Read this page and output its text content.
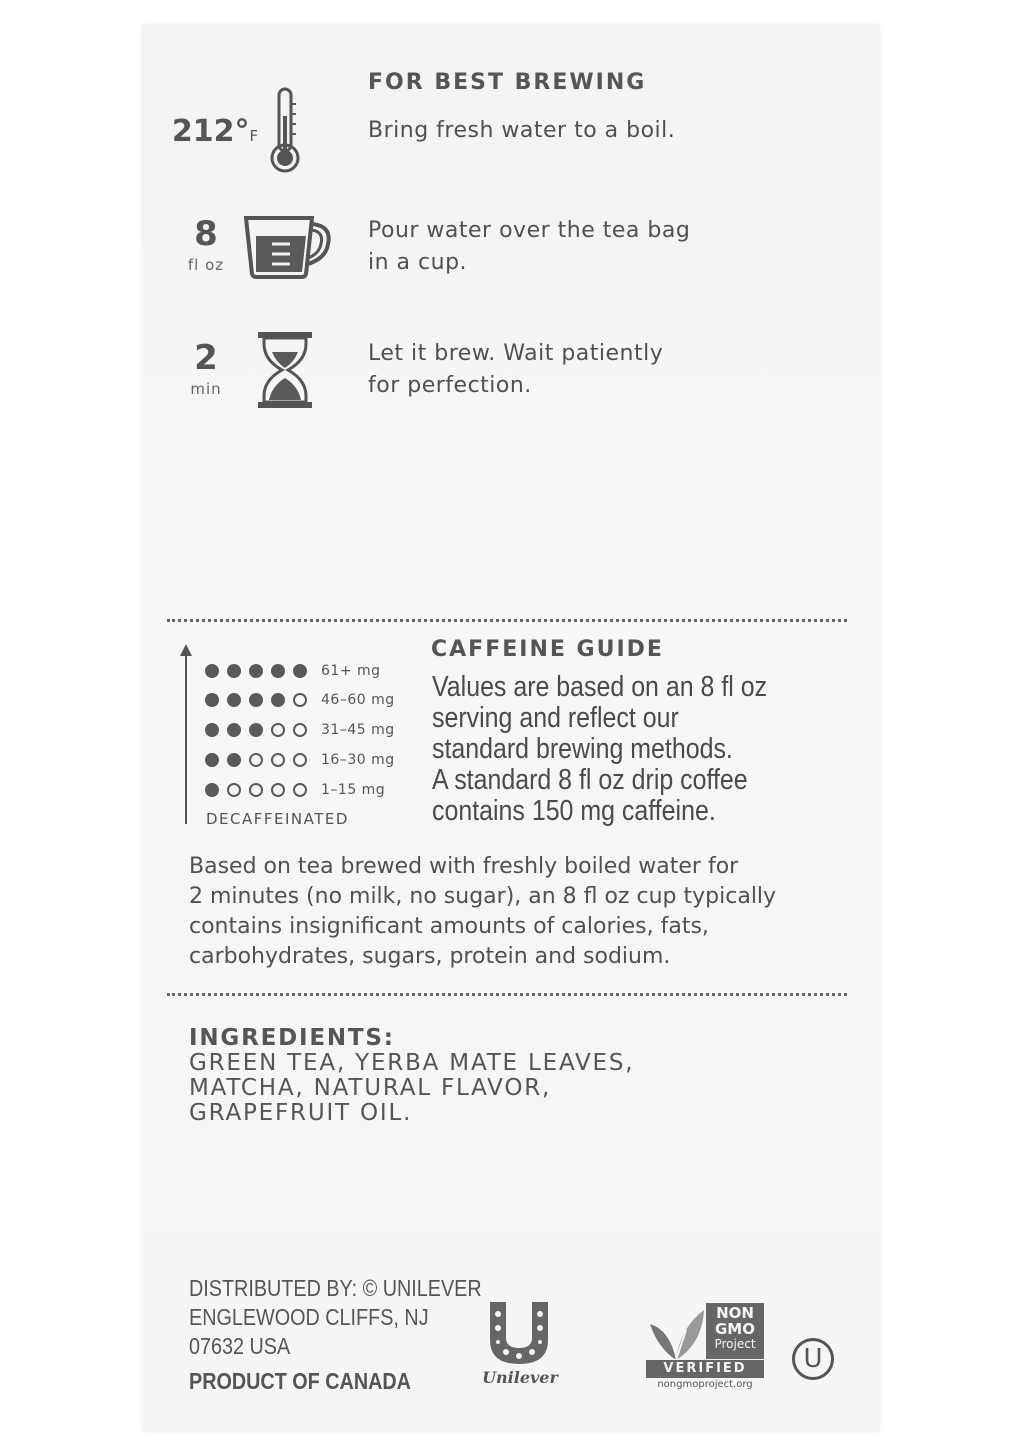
FOR BEST BREWING
212°F	Bring fresh water to a boil.
8
fl oz
Pour water over the tea bag
in a cup.
2
min
Let it brew. Wait patiently
for perfection.
61+ mg
46–60 mg
31–45 mg
16–30 mg
1–15 mg
DECAFFEINATED
CAFFEINE GUIDE
Values are based on an 8 fl oz
serving and reflect our
standard brewing methods.
A standard 8 fl oz drip coffee
contains 150 mg caffeine.
Based on tea brewed with freshly boiled water for
2 minutes (no milk, no sugar), an 8 fl oz cup typically
contains insignificant amounts of calories, fats,
carbohydrates, sugars, protein and sodium.
INGREDIENTS:
GREEN TEA, YERBA MATE LEAVES,
MATCHA, NATURAL FLAVOR,
GRAPEFRUIT OIL.
DISTRIBUTED BY: © UNILEVER
ENGLEWOOD CLIFFS, NJ
07632 USA
PRODUCT OF CANADA	Unilever
NON
GMO
Project
VERIFIED
nongmoproject.org
U
